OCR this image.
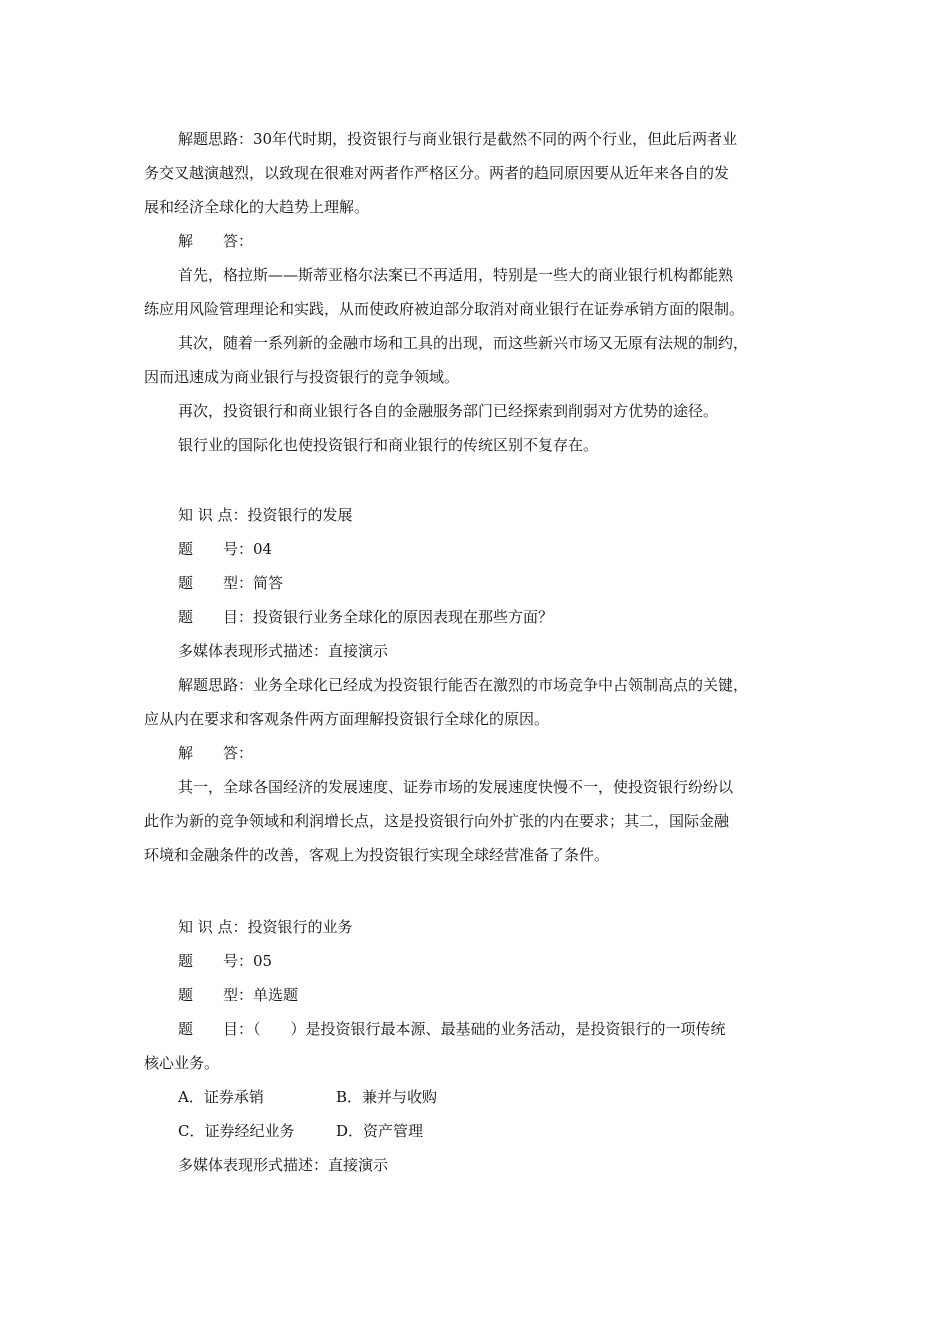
解题思路：30年代时期，投资银行与商业银行是截然不同的两个行业，但此后两者业
务交叉越演越烈，以致现在很难对两者作严格区分。两者的趋同原因要从近年来各自的发
展和经济全球化的大趋势上理解。
解　　答：
首先，格拉斯——斯蒂亚格尔法案已不再适用，特别是一些大的商业银行机构都能熟
练应用风险管理理论和实践，从而使政府被迫部分取消对商业银行在证券承销方面的限制。
其次，随着一系列新的金融市场和工具的出现，而这些新兴市场又无原有法规的制约，
因而迅速成为商业银行与投资银行的竞争领域。
再次，投资银行和商业银行各自的金融服务部门已经探索到削弱对方优势的途径。
银行业的国际化也使投资银行和商业银行的传统区别不复存在。
知 识 点：投资银行的发展
题　　号：04
题　　型：简答
题　　目：投资银行业务全球化的原因表现在那些方面？
多媒体表现形式描述：直接演示
解题思路：业务全球化已经成为投资银行能否在激烈的市场竞争中占领制高点的关键，
应从内在要求和客观条件两方面理解投资银行全球化的原因。
解　　答：
其一，全球各国经济的发展速度、证券市场的发展速度快慢不一，使投资银行纷纷以
此作为新的竞争领域和利润增长点，这是投资银行向外扩张的内在要求；其二，国际金融
环境和金融条件的改善，客观上为投资银行实现全球经营准备了条件。
知 识 点：投资银行的业务
题　　号：05
题　　型：单选题
题　　目：（　　）是投资银行最本源、最基础的业务活动，是投资银行的一项传统
核心业务。
A．证券承销	B．兼并与收购
C．证券经纪业务	D．资产管理
多媒体表现形式描述：直接演示
